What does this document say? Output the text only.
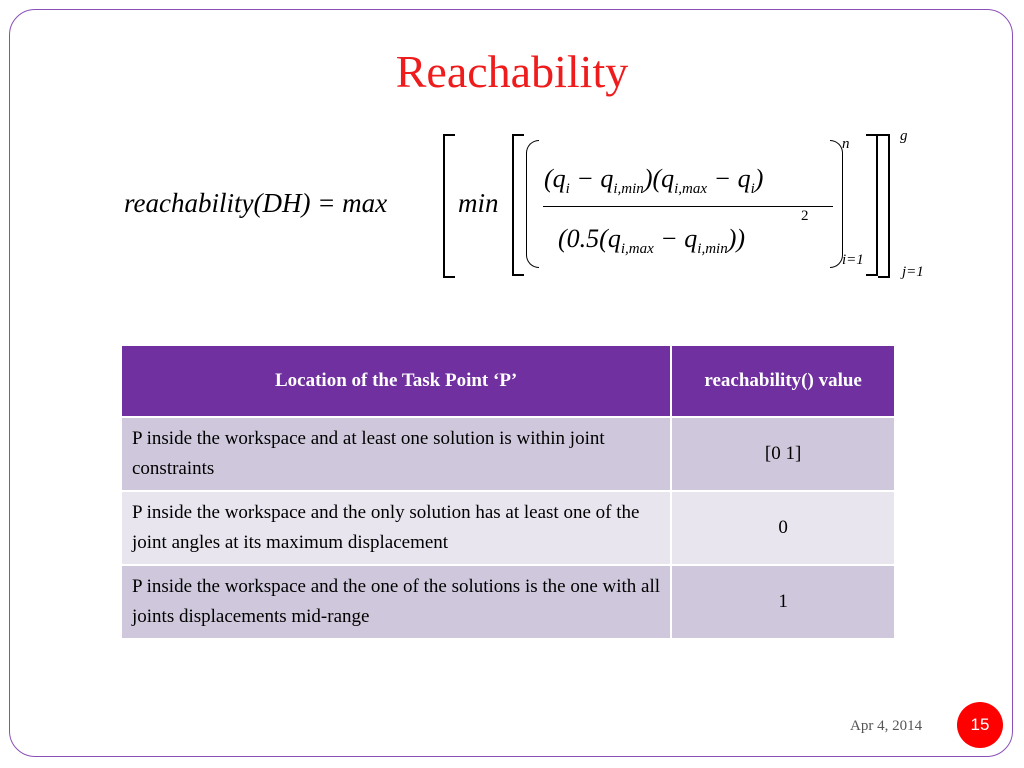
Reachability
reachability(DH) = max	min
$(q_i - q_{i,min})(q_{i,max} - q_i)$
$(0.5(q_{i,max} - q_{i,min}))$
2
n
i=1
g
j=1
Location of the Task Point ‘P’	reachability() value
P inside the workspace and at least one solution is within joint constraints	[0 1]
P inside the workspace and the only solution has at least one of the joint angles at its maximum displacement	0
P inside the workspace and the one of the solutions is the one with all joints displacements mid-range	1
Apr 4, 2014	15
